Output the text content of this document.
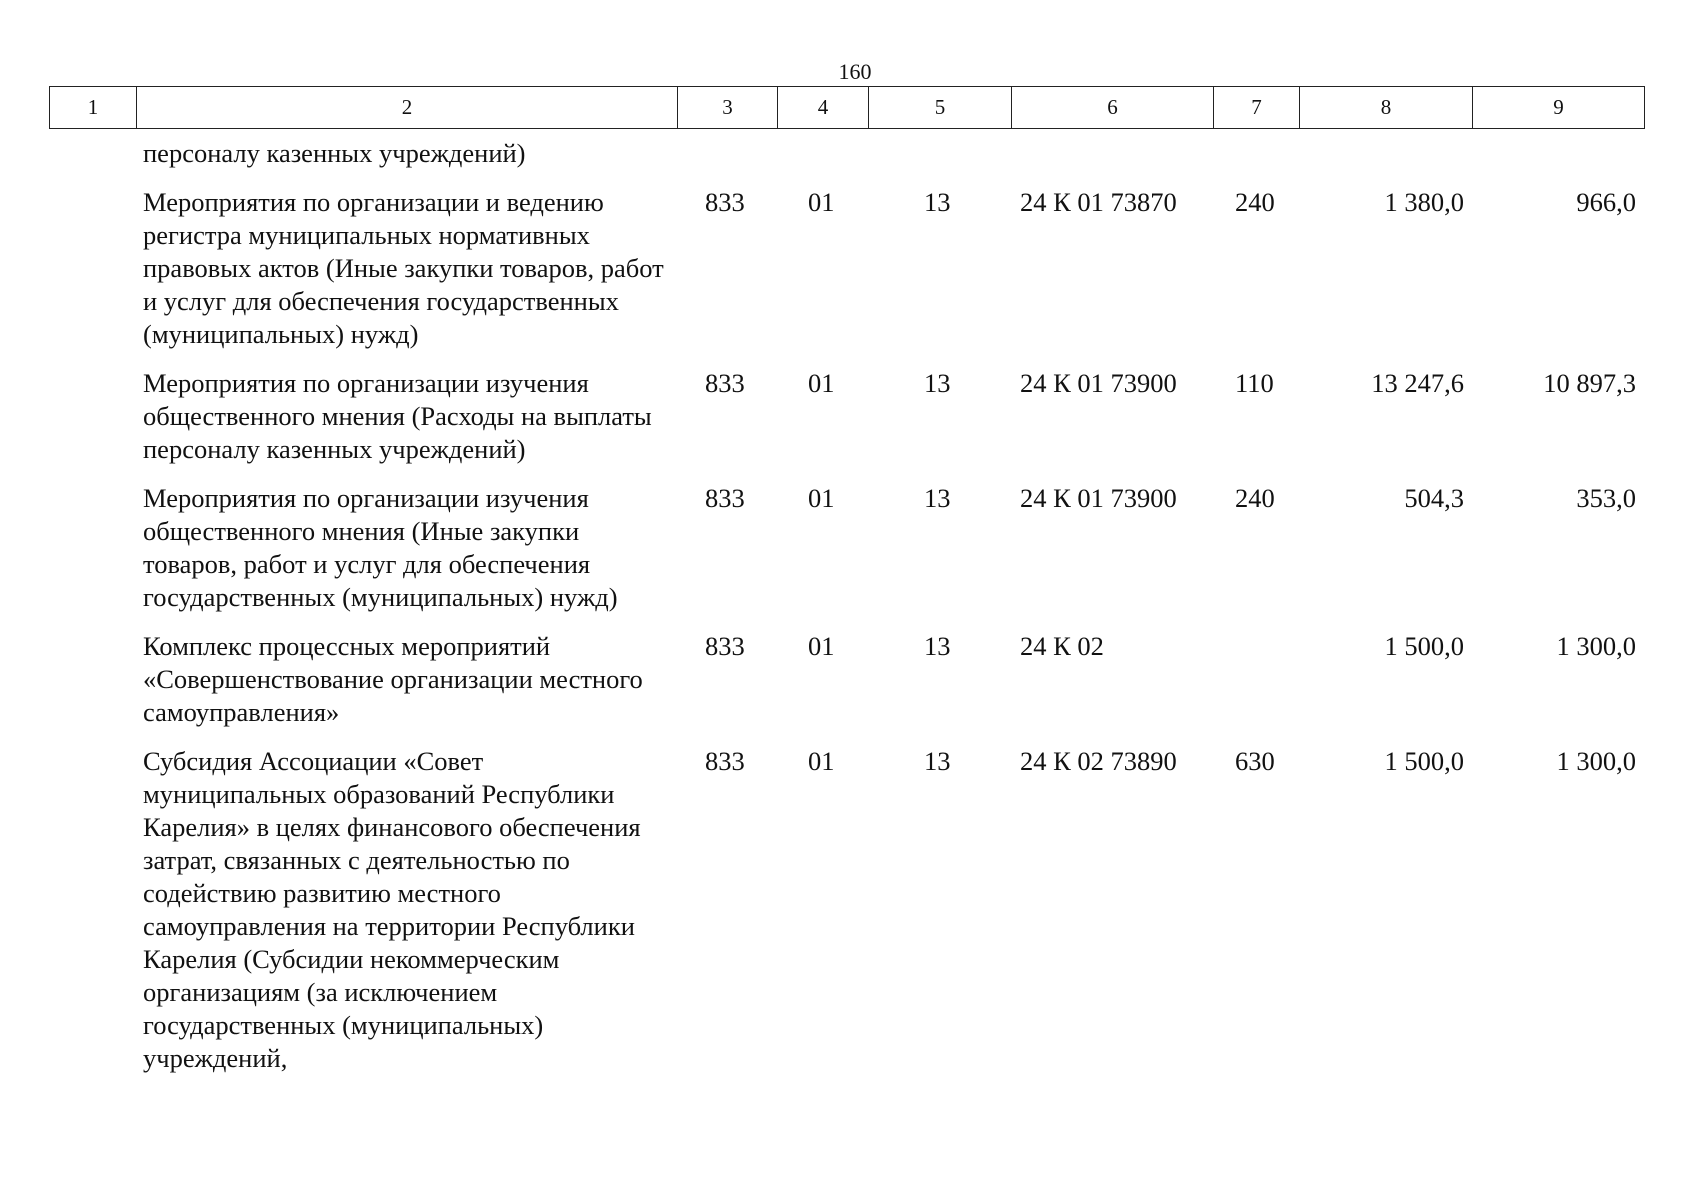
160
1	2	3	4	5	6	7	8	9
персоналу казенных учреждений)							
Мероприятия по организации и ведению регистра муниципальных нормативных правовых актов (Иные закупки товаров, работ и услуг для обеспечения государственных (муниципальных) нужд)	833	01	13	24 К 01 73870	240	1 380,0	966,0
Мероприятия по организации изучения общественного мнения (Расходы на выплаты персоналу казенных учреждений)	833	01	13	24 К 01 73900	110	13 247,6	10 897,3
Мероприятия по организации изучения общественного мнения (Иные закупки товаров, работ и услуг для обеспечения государственных (муниципальных) нужд)	833	01	13	24 К 01 73900	240	504,3	353,0
Комплекс процессных мероприятий «Совершенствование организации местного самоуправления»	833	01	13	24 К 02		1 500,0	1 300,0
Субсидия Ассоциации «Совет муниципальных образований Республики Карелия» в целях финансового обеспечения затрат, связанных с деятельностью по содействию развитию местного самоуправления на территории Республики Карелия (Субсидии некоммерческим организациям (за исключением государственных (муниципальных) учреждений,	833	01	13	24 К 02 73890	630	1 500,0	1 300,0
